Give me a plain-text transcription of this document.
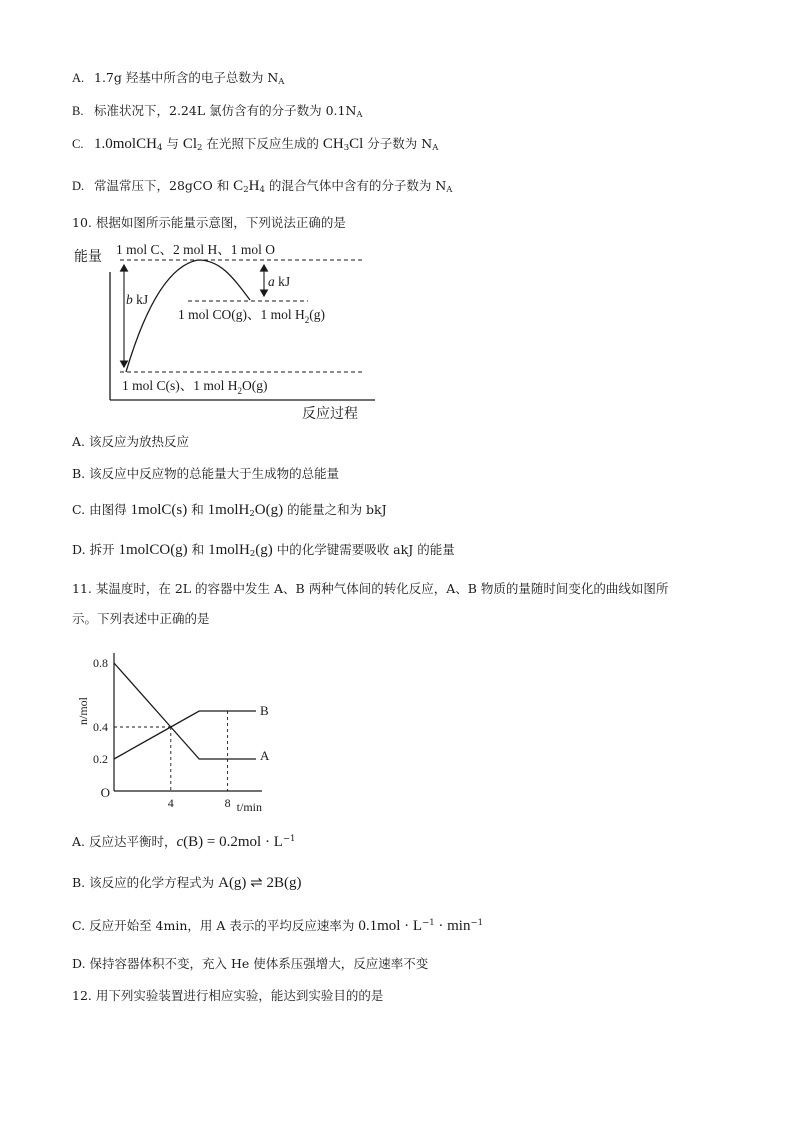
A. 1.7g 羟基中所含的电子总数为 $N_A$
B. 标准状况下，2.24L 氯仿含有的分子数为 $0.1N_A$
C. 1.0molCH$_4$ 与 $Cl_2$ 在光照下反应生成的 $CH_3Cl$ 分子数为 $N_A$
D. 常温常压下，28gCO 和 $C_2H_4$ 的混合气体中含有的分子数为 $N_A$
10. 根据如图所示能量示意图，下列说法正确的是
能量
反应过程
1 mol C、2 mol H、1 mol O
b kJ
a kJ
1 mol CO(g)、1 mol $H_2(g)$
1 mol C(s)、1 mol $H_2O(g)$
A. 该反应为放热反应
B. 该反应中反应物的总能量大于生成物的总能量
C. 由图得 1molC(s) 和 1molH$_2$O(g) 的能量之和为 bkJ
D. 拆开 1molCO(g) 和 1molH$_2$(g) 中的化学键需要吸收 akJ 的能量
11. 某温度时，在 2L 的容器中发生 A、B 两种气体间的转化反应，A、B 物质的量随时间变化的曲线如图所
示。下列表述中正确的是
0.8
0.4
0.2
4	8
O
B
A
t/min
n/mol
A. 反应达平衡时，$c(B) = 0.2mol \cdot L^{-1}$
B. 该反应的化学方程式为 A(g) ⇌ 2B(g)
C. 反应开始至 4min，用 A 表示的平均反应速率为 $0.1mol \cdot L^{-1} \cdot \min^{-1}$
D. 保持容器体积不变，充入 He 使体系压强增大，反应速率不变
12. 用下列实验装置进行相应实验，能达到实验目的的是
